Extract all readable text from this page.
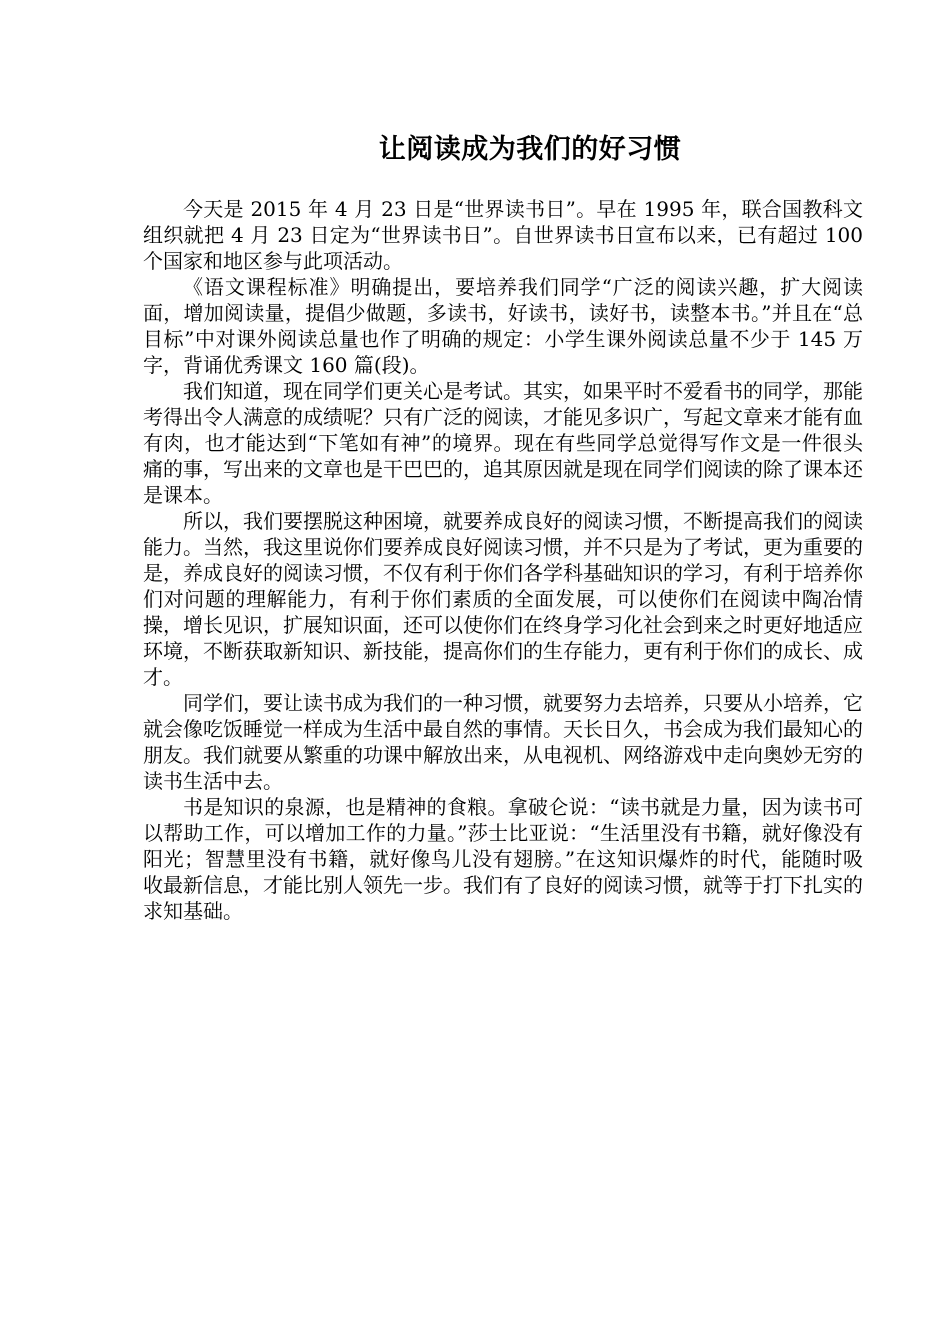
让阅读成为我们的好习惯

今天是 2015 年 4 月 23 日是“世界读书日”。早在 1995 年，联合国教科文组织就把 4 月 23 日定为“世界读书日”。自世界读书日宣布以来，已有超过 100 个国家和地区参与此项活动。

《语文课程标准》明确提出，要培养我们同学“广泛的阅读兴趣，扩大阅读面，增加阅读量，提倡少做题，多读书，好读书，读好书，读整本书。”并且在“总目标”中对课外阅读总量也作了明确的规定：小学生课外阅读总量不少于 145 万字，背诵优秀课文 160 篇(段)。

我们知道，现在同学们更关心是考试。其实，如果平时不爱看书的同学，那能考得出令人满意的成绩呢？只有广泛的阅读，才能见多识广，写起文章来才能有血有肉，也才能达到“下笔如有神”的境界。现在有些同学总觉得写作文是一件很头痛的事，写出来的文章也是干巴巴的，追其原因就是现在同学们阅读的除了课本还是课本。

所以，我们要摆脱这种困境，就要养成良好的阅读习惯，不断提高我们的阅读能力。当然，我这里说你们要养成良好阅读习惯，并不只是为了考试，更为重要的是，养成良好的阅读习惯，不仅有利于你们各学科基础知识的学习，有利于培养你们对问题的理解能力，有利于你们素质的全面发展，可以使你们在阅读中陶冶情操，增长见识，扩展知识面，还可以使你们在终身学习化社会到来之时更好地适应环境，不断获取新知识、新技能，提高你们的生存能力，更有利于你们的成长、成才。

同学们，要让读书成为我们的一种习惯，就要努力去培养，只要从小培养，它就会像吃饭睡觉一样成为生活中最自然的事情。天长日久，书会成为我们最知心的朋友。我们就要从繁重的功课中解放出来，从电视机、网络游戏中走向奥妙无穷的读书生活中去。

书是知识的泉源，也是精神的食粮。拿破仑说：“读书就是力量，因为读书可以帮助工作，可以增加工作的力量。”莎士比亚说：“生活里没有书籍，就好像没有阳光；智慧里没有书籍，就好像鸟儿没有翅膀。”在这知识爆炸的时代，能随时吸收最新信息，才能比别人领先一步。我们有了良好的阅读习惯，就等于打下扎实的求知基础。
